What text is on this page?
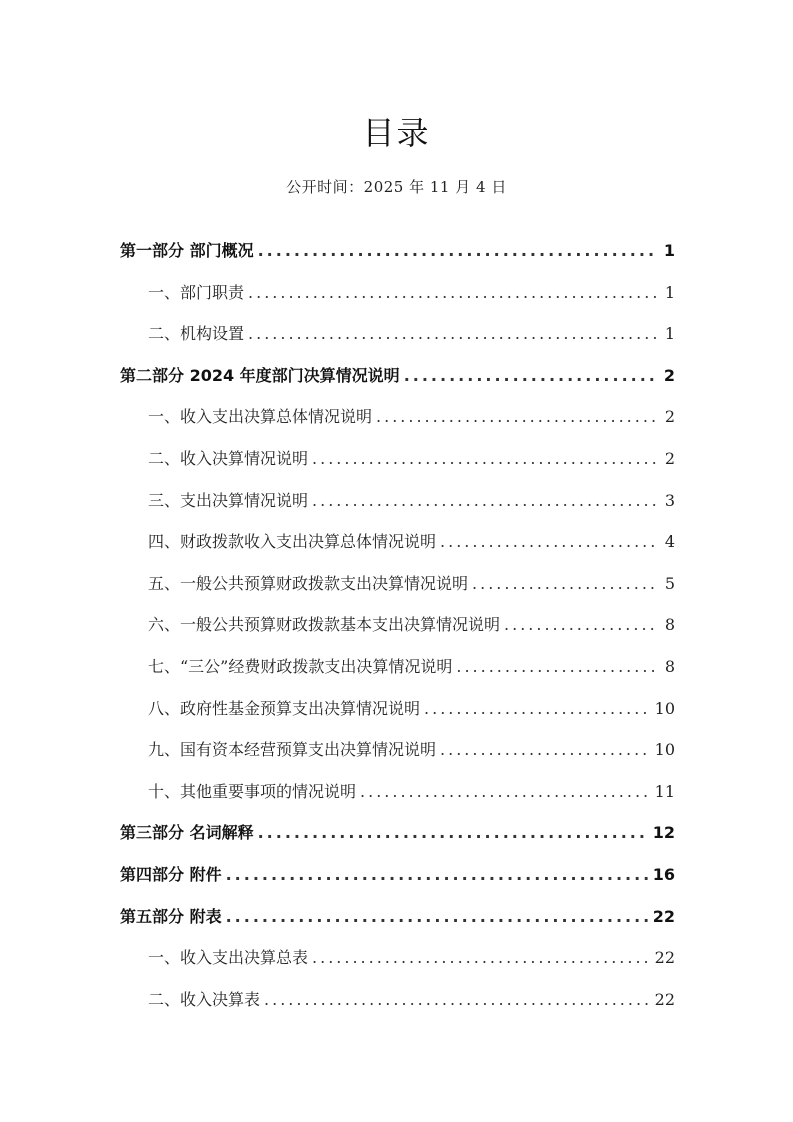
目录

公开时间：2025 年 11 月 4 日

第一部分 部门概况 .....	1
一、部门职责 .....	1
二、机构设置 .....	1
第二部分 2024 年度部门决算情况说明 .....	2
一、收入支出决算总体情况说明 .....	2
二、收入决算情况说明 .....	2
三、支出决算情况说明 .....	3
四、财政拨款收入支出决算总体情况说明 .....	4
五、一般公共预算财政拨款支出决算情况说明 .....	5
六、一般公共预算财政拨款基本支出决算情况说明 .....	8
七、“三公”经费财政拨款支出决算情况说明 .....	8
八、政府性基金预算支出决算情况说明 .....	10
九、国有资本经营预算支出决算情况说明 .....	10
十、其他重要事项的情况说明 .....	11
第三部分 名词解释 .....	12
第四部分 附件 .....	16
第五部分 附表 .....	22
一、收入支出决算总表 .....	22
二、收入决算表 .....	22
